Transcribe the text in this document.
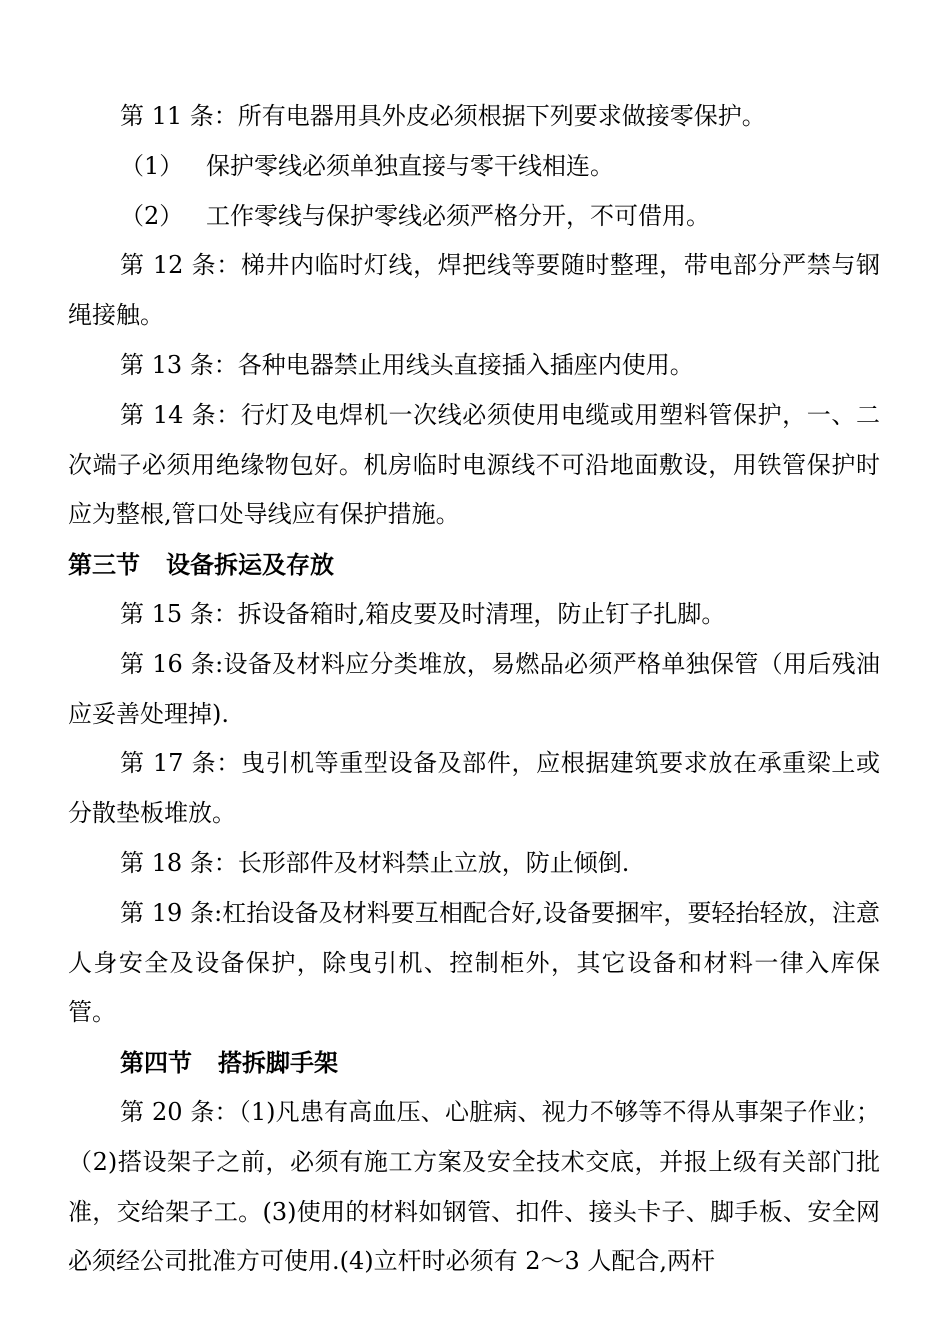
第 11 条：所有电器用具外皮必须根据下列要求做接零保护。

（1） 保护零线必须单独直接与零干线相连。

（2） 工作零线与保护零线必须严格分开，不可借用。

第 12 条：梯井内临时灯线，焊把线等要随时整理，带电部分严禁与钢绳接触。

第 13 条：各种电器禁止用线头直接插入插座内使用。

第 14 条：行灯及电焊机一次线必须使用电缆或用塑料管保护，一、二次端子必须用绝缘物包好。机房临时电源线不可沿地面敷设，用铁管保护时应为整根,管口处导线应有保护措施。

第三节 设备拆运及存放

第 15 条：拆设备箱时,箱皮要及时清理，防止钉子扎脚。

第 16 条:设备及材料应分类堆放，易燃品必须严格单独保管（用后残油应妥善处理掉).

第 17 条：曳引机等重型设备及部件，应根据建筑要求放在承重梁上或分散垫板堆放。

第 18 条：长形部件及材料禁止立放，防止倾倒.

第 19 条:杠抬设备及材料要互相配合好,设备要捆牢，要轻抬轻放，注意人身安全及设备保护，除曳引机、控制柜外，其它设备和材料一律入库保管。

第四节 搭拆脚手架

第 20 条：（1)凡患有高血压、心脏病、视力不够等不得从事架子作业；（2)搭设架子之前，必须有施工方案及安全技术交底，并报上级有关部门批准，交给架子工。(3)使用的材料如钢管、扣件、接头卡子、脚手板、安全网必须经公司批准方可使用.(4)立杆时必须有 2～3 人配合,两杆
